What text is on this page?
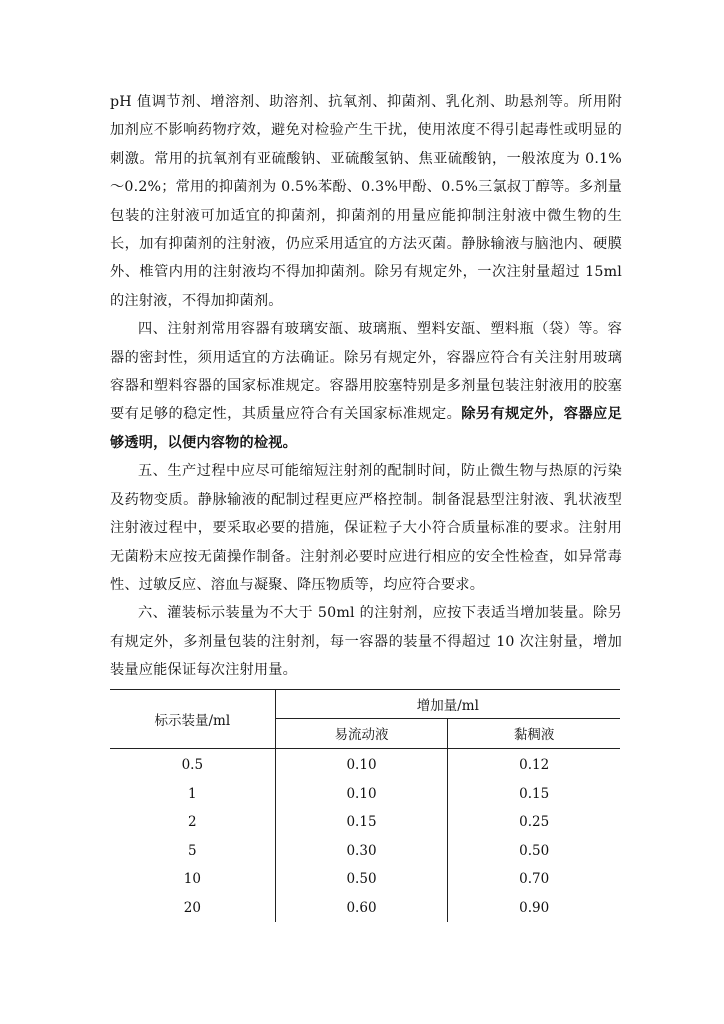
pH 值调节剂、增溶剂、助溶剂、抗氧剂、抑菌剂、乳化剂、助悬剂等。所用附加剂应不影响药物疗效，避免对检验产生干扰，使用浓度不得引起毒性或明显的刺激。常用的抗氧剂有亚硫酸钠、亚硫酸氢钠、焦亚硫酸钠，一般浓度为 0.1%～0.2%；常用的抑菌剂为 0.5%苯酚、0.3%甲酚、0.5%三氯叔丁醇等。多剂量包装的注射液可加适宜的抑菌剂，抑菌剂的用量应能抑制注射液中微生物的生长，加有抑菌剂的注射液，仍应采用适宜的方法灭菌。静脉输液与脑池内、硬膜外、椎管内用的注射液均不得加抑菌剂。除另有规定外，一次注射量超过 15ml 的注射液，不得加抑菌剂。

四、注射剂常用容器有玻璃安瓿、玻璃瓶、塑料安瓿、塑料瓶（袋）等。容器的密封性，须用适宜的方法确证。除另有规定外，容器应符合有关注射用玻璃容器和塑料容器的国家标准规定。容器用胶塞特别是多剂量包装注射液用的胶塞要有足够的稳定性，其质量应符合有关国家标准规定。除另有规定外，容器应足够透明，以便内容物的检视。

五、生产过程中应尽可能缩短注射剂的配制时间，防止微生物与热原的污染及药物变质。静脉输液的配制过程更应严格控制。制备混悬型注射液、乳状液型注射液过程中，要采取必要的措施，保证粒子大小符合质量标准的要求。注射用无菌粉末应按无菌操作制备。注射剂必要时应进行相应的安全性检查，如异常毒性、过敏反应、溶血与凝聚、降压物质等，均应符合要求。

六、灌装标示装量为不大于 50ml 的注射剂，应按下表适当增加装量。除另有规定外，多剂量包装的注射剂，每一容器的装量不得超过 10 次注射量，增加装量应能保证每次注射用量。

标示装量/ml	增加量/ml	
	易流动液	黏稠液
0.5	0.10	0.12
1	0.10	0.15
2	0.15	0.25
5	0.30	0.50
10	0.50	0.70
20	0.60	0.90
